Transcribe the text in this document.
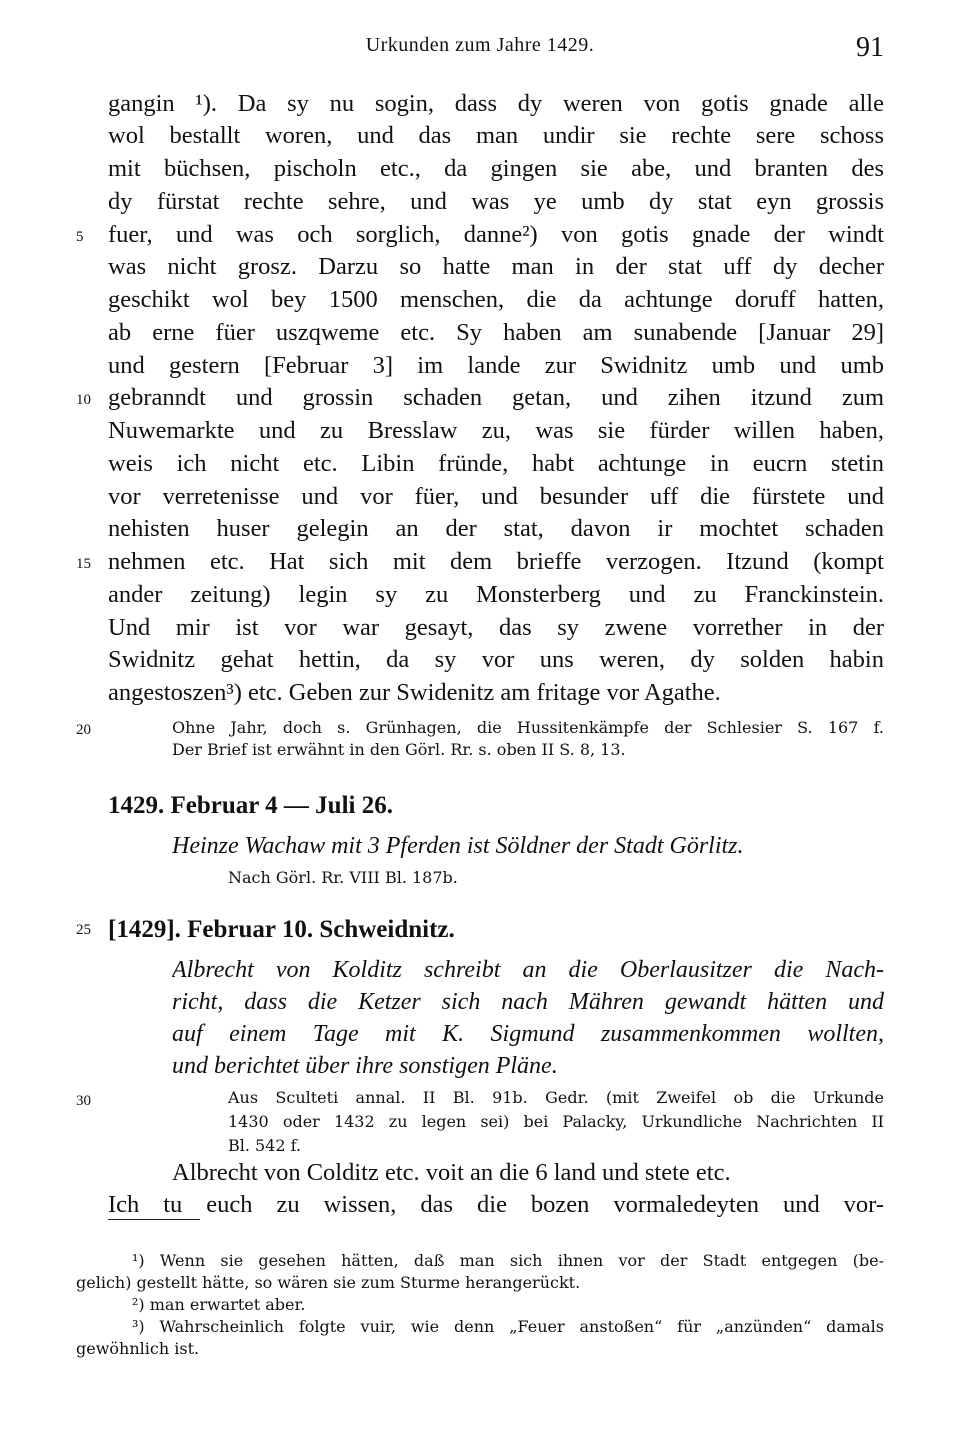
Urkunden zum Jahre 1429.	91
gangin ¹). Da sy nu sogin, dass dy weren von gotis gnade alle
wol bestallt woren, und das man undir sie rechte sere schoss
mit büchsen, pischoln etc., da gingen sie abe, und branten des
dy fürstat rechte sehre, und was ye umb dy stat eyn grossis
fuer, und was och sorglich, danne²) von gotis gnade der windt
was nicht grosz. Darzu so hatte man in der stat uff dy decher
geschikt wol bey 1500 menschen, die da achtunge doruff hatten,
ab erne füer uszqweme etc. Sy haben am sunabende [Januar 29]
und gestern [Februar 3] im lande zur Swidnitz umb und umb
gebranndt und grossin schaden getan, und zihen itzund zum
Nuwemarkte und zu Bresslaw zu, was sie fürder willen haben,
weis ich nicht etc. Libin fründe, habt achtunge in eucrn stetin
vor verretenisse und vor füer, und besunder uff die fürstete und
nehisten huser gelegin an der stat, davon ir mochtet schaden
nehmen etc. Hat sich mit dem brieffe verzogen. Itzund (kompt
ander zeitung) legin sy zu Monsterberg und zu Franckinstein.
Und mir ist vor war gesayt, das sy zwene vorrether in der
Swidnitz gehat hettin, da sy vor uns weren, dy solden habin
angestoszen³) etc. Geben zur Swidenitz am fritage vor Agathe.
5
10
15
20
25
30
Ohne Jahr, doch s. Grünhagen, die Hussitenkämpfe der Schlesier S. 167 f.
Der Brief ist erwähnt in den Görl. Rr. s. oben II S. 8, 13.
1429. Februar 4 — Juli 26.
Heinze Wachaw mit 3 Pferden ist Söldner der Stadt Görlitz.
Nach Görl. Rr. VIII Bl. 187b.
[1429]. Februar 10. Schweidnitz.
Albrecht von Kolditz schreibt an die Oberlausitzer die Nach-
richt, dass die Ketzer sich nach Mähren gewandt hätten und
auf einem Tage mit K. Sigmund zusammenkommen wollten,
und berichtet über ihre sonstigen Pläne.
Aus Sculteti annal. II Bl. 91b. Gedr. (mit Zweifel ob die Urkunde
1430 oder 1432 zu legen sei) bei Palacky, Urkundliche Nachrichten II
Bl. 542 f.
Albrecht von Colditz etc. voit an die 6 land und stete etc.
Ich tu euch zu wissen, das die bozen vormaledeyten und vor-
¹) Wenn sie gesehen hätten, daß man sich ihnen vor der Stadt entgegen (be-
gelich) gestellt hätte, so wären sie zum Sturme herangerückt.
²) man erwartet aber.
³) Wahrscheinlich folgte vuir, wie denn „Feuer anstoßen“ für „anzünden“ damals
gewöhnlich ist.
